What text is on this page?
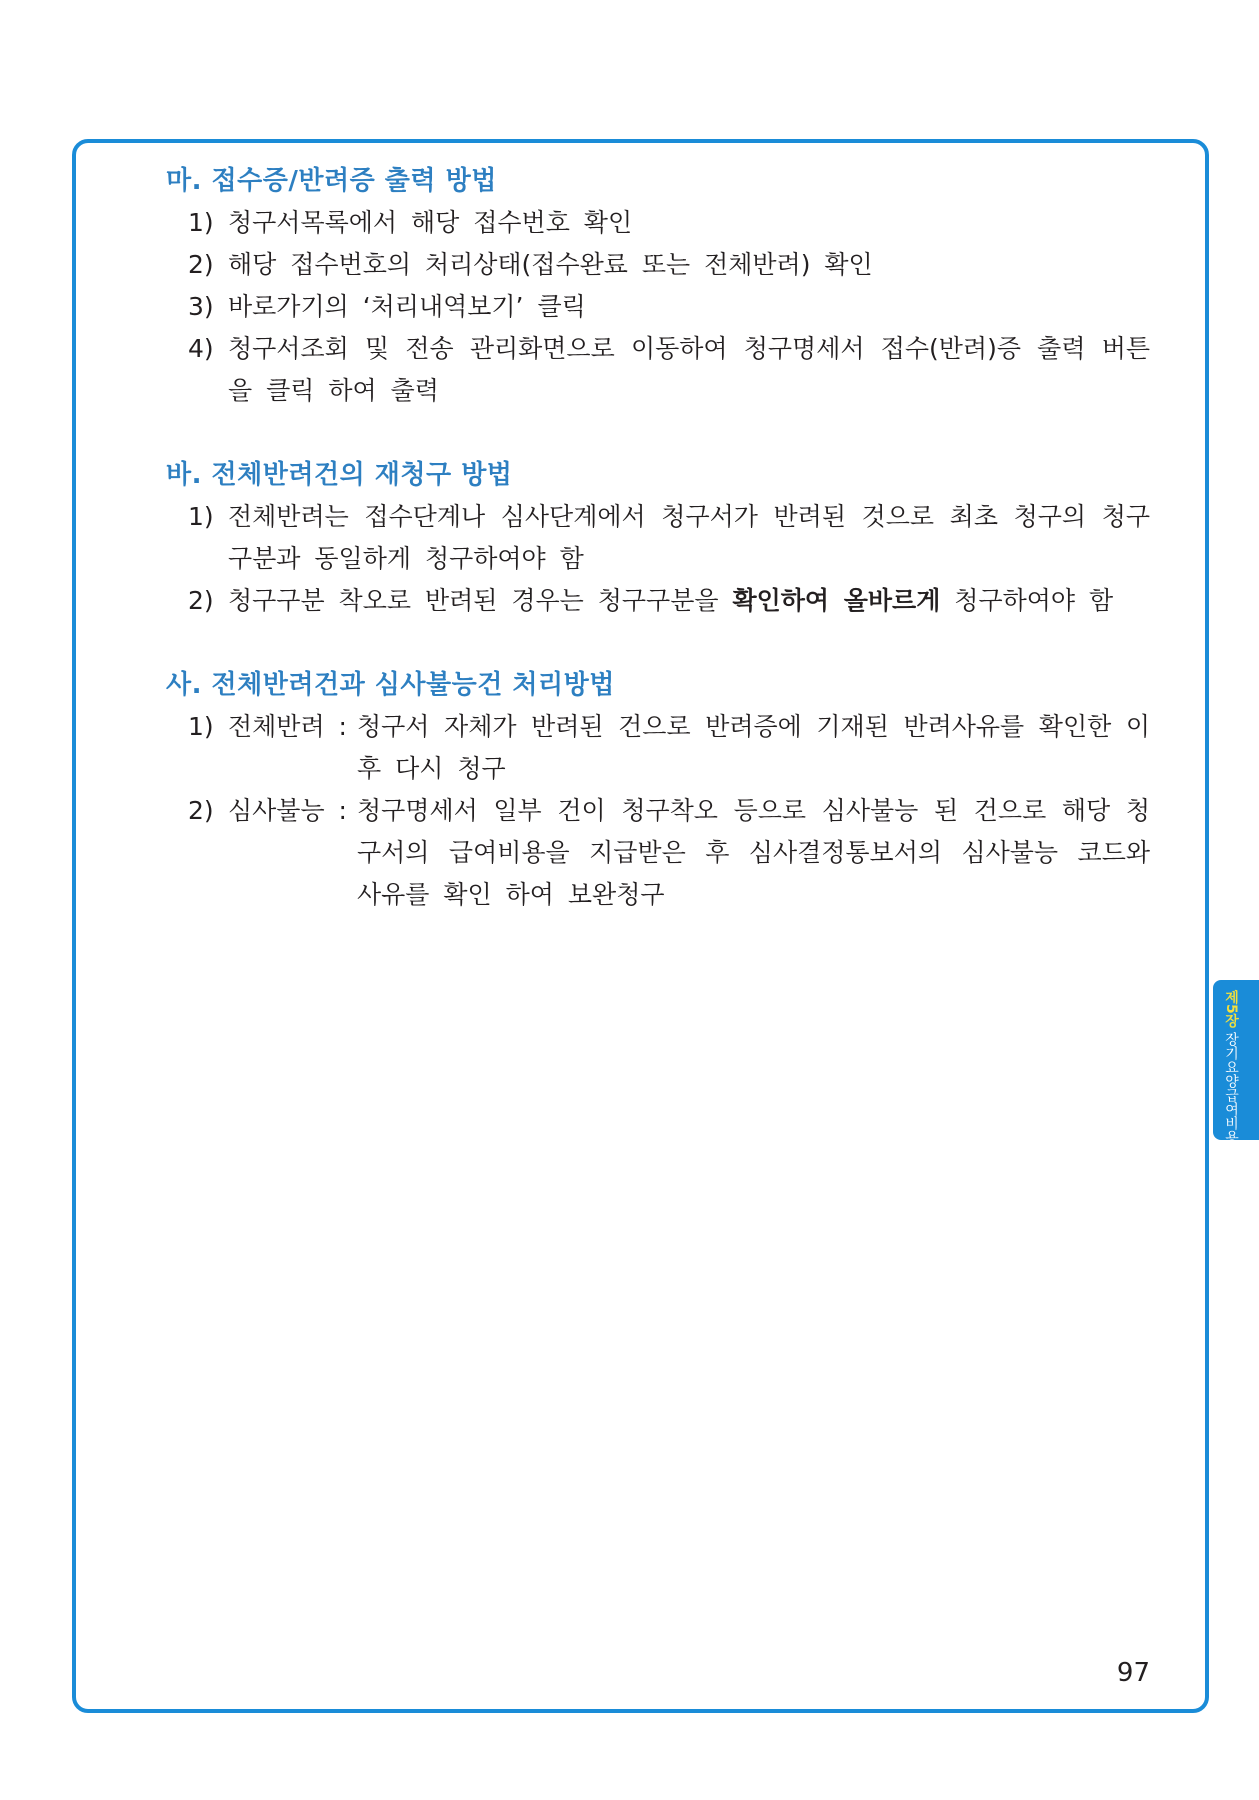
마. 접수증/반려증 출력 방법
1) 청구서목록에서 해당 접수번호 확인
2) 해당 접수번호의 처리상태(접수완료 또는 전체반려) 확인
3) 바로가기의 ‘처리내역보기’ 클릭
4) 청구서조회 및 전송 관리화면으로 이동하여 청구명세서 접수(반려)증 출력 버튼을 클릭 하여 출력
바. 전체반려건의 재청구 방법
1) 전체반려는 접수단계나 심사단계에서 청구서가 반려된 것으로 최초 청구의 청구구분과 동일하게 청구하여야 함
2) 청구구분 착오로 반려된 경우는 청구구분을 확인하여 올바르게 청구하여야 함
사. 전체반려건과 심사불능건 처리방법
1) 전체반려 : 청구서 자체가 반려된 건으로 반려증에 기재된 반려사유를 확인한 이후 다시 청구
2) 심사불능 : 청구명세서 일부 건이 청구착오 등으로 심사불능 된 건으로 해당 청구서의 급여비용을 지급받은 후 심사결정통보서의 심사불능 코드와 사유를 확인 하여 보완청구
제5장 장기요양급여비용 청구
97
